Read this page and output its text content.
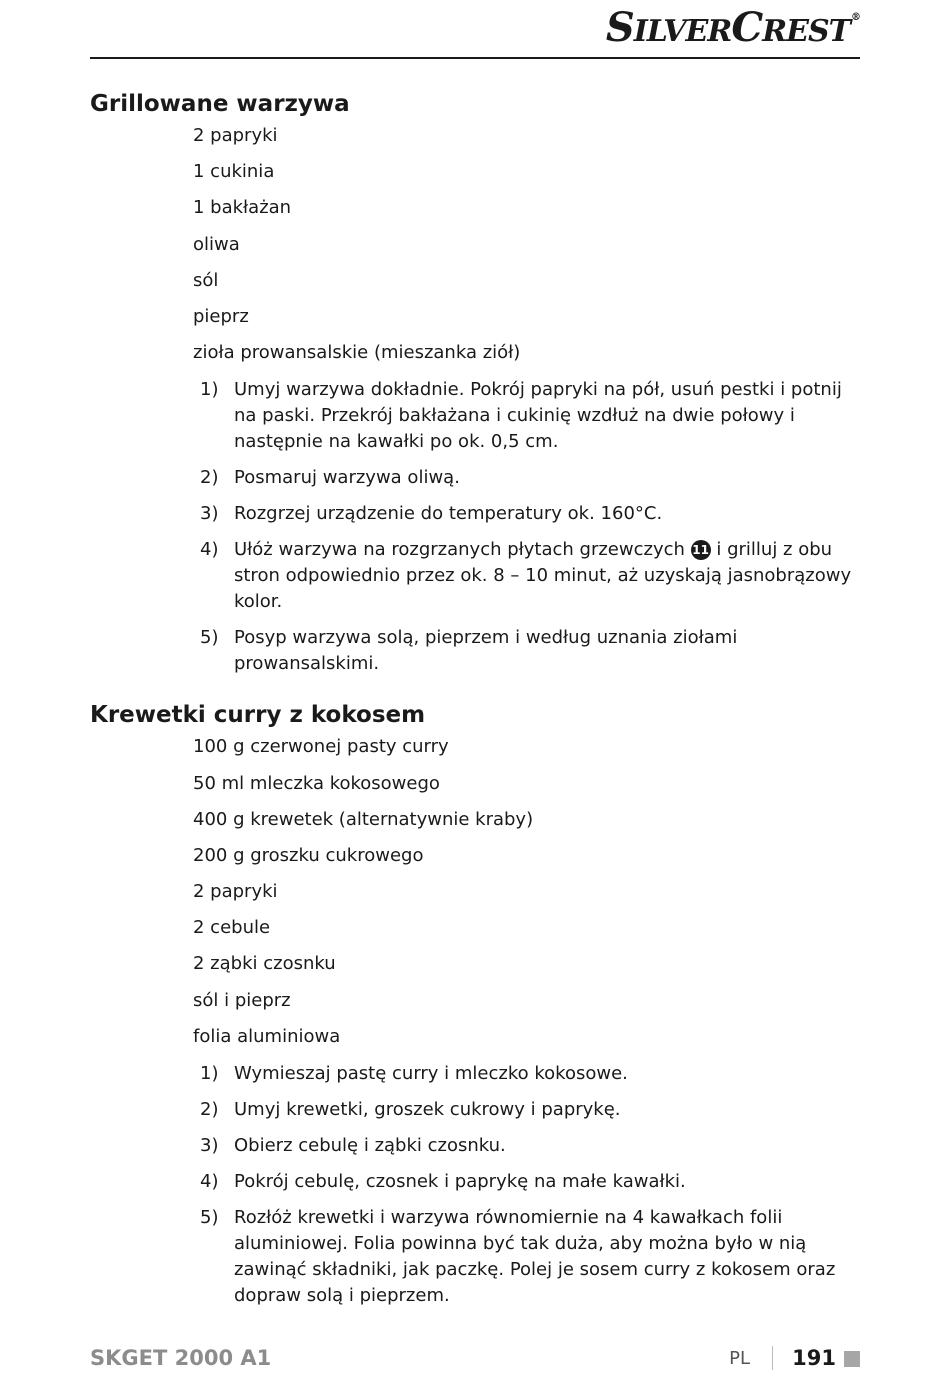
SILVERCREST®
Grillowane warzywa
2 papryki
1 cukinia
1 bakłażan
oliwa
sól
pieprz
zioła prowansalskie (mieszanka ziół)
1) Umyj warzywa dokładnie. Pokrój papryki na pół, usuń pestki i potnij na paski. Przekrój bakłażana i cukinię wzdłuż na dwie połowy i następnie na kawałki po ok. 0,5 cm.
2) Posmaruj warzywa oliwą.
3) Rozgrzej urządzenie do temperatury ok. 160°C.
4) Ułóż warzywa na rozgrzanych płytach grzewczych 11 i grilluj z obu stron odpowiednio przez ok. 8 – 10 minut, aż uzyskają jasnobrązowy kolor.
5) Posyp warzywa solą, pieprzem i według uznania ziołami prowansalskimi.
Krewetki curry z kokosem
100 g czerwonej pasty curry
50 ml mleczka kokosowego
400 g krewetek (alternatywnie kraby)
200 g groszku cukrowego
2 papryki
2 cebule
2 ząbki czosnku
sól i pieprz
folia aluminiowa
1) Wymieszaj pastę curry i mleczko kokosowe.
2) Umyj krewetki, groszek cukrowy i paprykę.
3) Obierz cebulę i ząbki czosnku.
4) Pokrój cebulę, czosnek i paprykę na małe kawałki.
5) Rozłóż krewetki i warzywa równomiernie na 4 kawałkach folii aluminiowej. Folia powinna być tak duża, aby można było w nią zawinąć składniki, jak paczkę. Polej je sosem curry z kokosem oraz dopraw solą i pieprzem.
SKGET 2000 A1	PL 191
